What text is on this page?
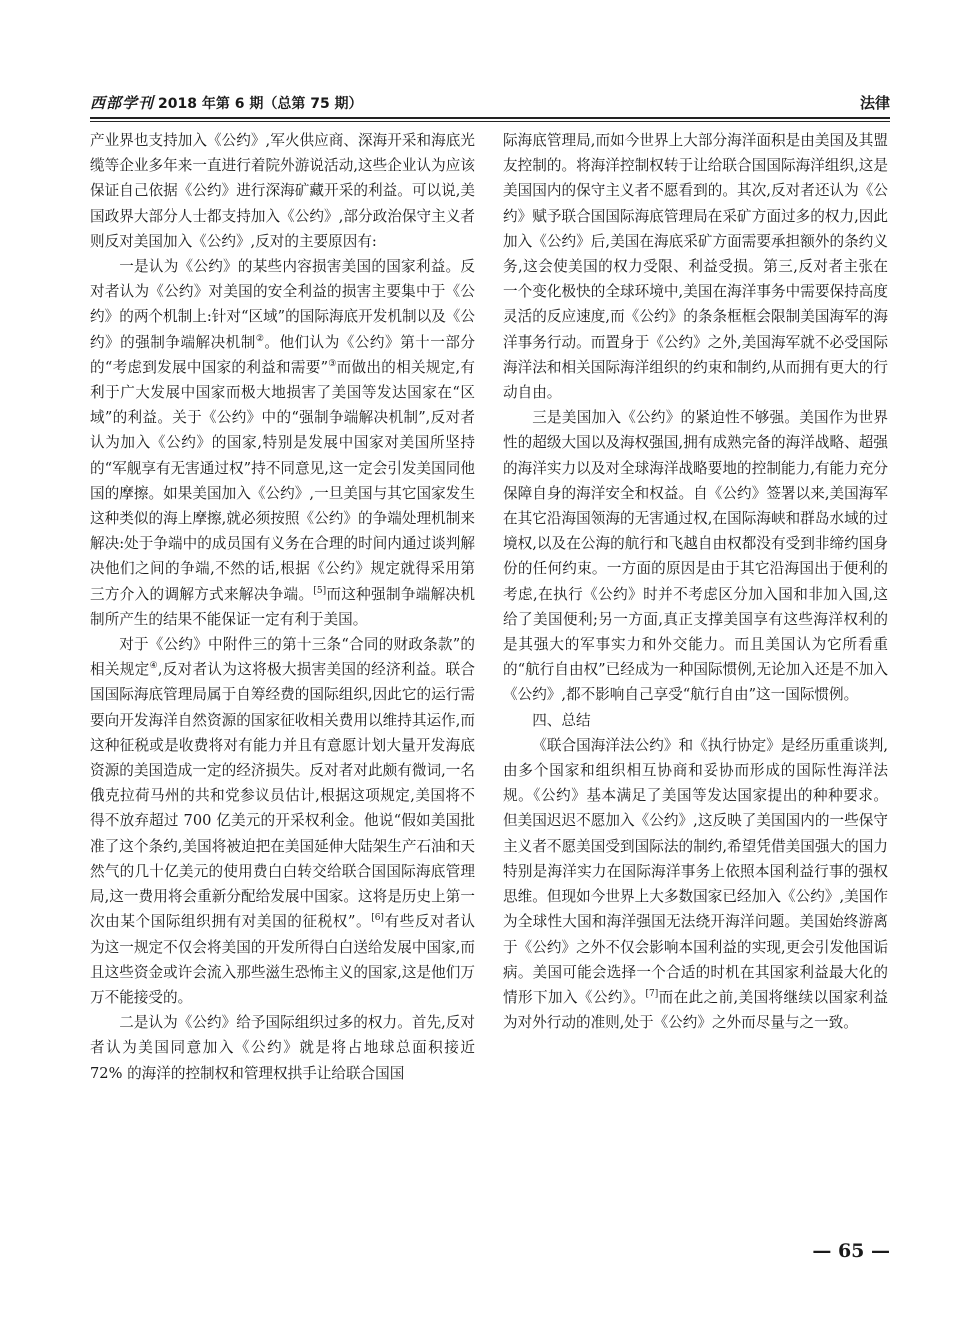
西部学刊 2018 年第 6 期（总第 75 期）	法律

产业界也支持加入《公约》,军火供应商、深海开采和海底光缆等企业多年来一直进行着院外游说活动,这些企业认为应该保证自己依据《公约》进行深海矿藏开采的利益。可以说,美国政界大部分人士都支持加入《公约》,部分政治保守主义者则反对美国加入《公约》,反对的主要原因有:

一是认为《公约》的某些内容损害美国的国家利益。反对者认为《公约》对美国的安全利益的损害主要集中于《公约》的两个机制上:针对“区域”的国际海底开发机制以及《公约》的强制争端解决机制②。他们认为《公约》第十一部分的“考虑到发展中国家的利益和需要”③而做出的相关规定,有利于广大发展中国家而极大地损害了美国等发达国家在“区域”的利益。关于《公约》中的“强制争端解决机制”,反对者认为加入《公约》的国家,特别是发展中国家对美国所坚持的“军舰享有无害通过权”持不同意见,这一定会引发美国同他国的摩擦。如果美国加入《公约》,一旦美国与其它国家发生这种类似的海上摩擦,就必须按照《公约》的争端处理机制来解决:处于争端中的成员国有义务在合理的时间内通过谈判解决他们之间的争端,不然的话,根据《公约》规定就得采用第三方介入的调解方式来解决争端。[5]而这种强制争端解决机制所产生的结果不能保证一定有利于美国。

对于《公约》中附件三的第十三条“合同的财政条款”的相关规定④,反对者认为这将极大损害美国的经济利益。联合国国际海底管理局属于自筹经费的国际组织,因此它的运行需要向开发海洋自然资源的国家征收相关费用以维持其运作,而这种征税或是收费将对有能力并且有意愿计划大量开发海底资源的美国造成一定的经济损失。反对者对此颇有微词,一名俄克拉荷马州的共和党参议员估计,根据这项规定,美国将不得不放弃超过 700 亿美元的开采权利金。他说“假如美国批准了这个条约,美国将被迫把在美国延伸大陆架生产石油和天然气的几十亿美元的使用费白白转交给联合国国际海底管理局,这一费用将会重新分配给发展中国家。这将是历史上第一次由某个国际组织拥有对美国的征税权”。[6]有些反对者认为这一规定不仅会将美国的开发所得白白送给发展中国家,而且这些资金或许会流入那些滋生恐怖主义的国家,这是他们万万不能接受的。

二是认为《公约》给予国际组织过多的权力。首先,反对者认为美国同意加入《公约》就是将占地球总面积接近 72% 的海洋的控制权和管理权拱手让给联合国国

际海底管理局,而如今世界上大部分海洋面积是由美国及其盟友控制的。将海洋控制权转于让给联合国国际海洋组织,这是美国国内的保守主义者不愿看到的。其次,反对者还认为《公约》赋予联合国国际海底管理局在采矿方面过多的权力,因此加入《公约》后,美国在海底采矿方面需要承担额外的条约义务,这会使美国的权力受限、利益受损。第三,反对者主张在一个变化极快的全球环境中,美国在海洋事务中需要保持高度灵活的反应速度,而《公约》的条条框框会限制美国海军的海洋事务行动。而置身于《公约》之外,美国海军就不必受国际海洋法和相关国际海洋组织的约束和制约,从而拥有更大的行动自由。

三是美国加入《公约》的紧迫性不够强。美国作为世界性的超级大国以及海权强国,拥有成熟完备的海洋战略、超强的海洋实力以及对全球海洋战略要地的控制能力,有能力充分保障自身的海洋安全和权益。自《公约》签署以来,美国海军在其它沿海国领海的无害通过权,在国际海峡和群岛水域的过境权,以及在公海的航行和飞越自由权都没有受到非缔约国身份的任何约束。一方面的原因是由于其它沿海国出于便利的考虑,在执行《公约》时并不考虑区分加入国和非加入国,这给了美国便利;另一方面,真正支撑美国享有这些海洋权利的是其强大的军事实力和外交能力。而且美国认为它所看重的“航行自由权”已经成为一种国际惯例,无论加入还是不加入《公约》,都不影响自己享受“航行自由”这一国际惯例。

四、总结

《联合国海洋法公约》和《执行协定》是经历重重谈判,由多个国家和组织相互协商和妥协而形成的国际性海洋法规。《公约》基本满足了美国等发达国家提出的种种要求。但美国迟迟不愿加入《公约》,这反映了美国国内的一些保守主义者不愿美国受到国际法的制约,希望凭借美国强大的国力特别是海洋实力在国际海洋事务上依照本国利益行事的强权思维。但现如今世界上大多数国家已经加入《公约》,美国作为全球性大国和海洋强国无法绕开海洋问题。美国始终游离于《公约》之外不仅会影响本国利益的实现,更会引发他国诟病。美国可能会选择一个合适的时机在其国家利益最大化的情形下加入《公约》。[7]而在此之前,美国将继续以国家利益为对外行动的准则,处于《公约》之外而尽量与之一致。

— 65 —
